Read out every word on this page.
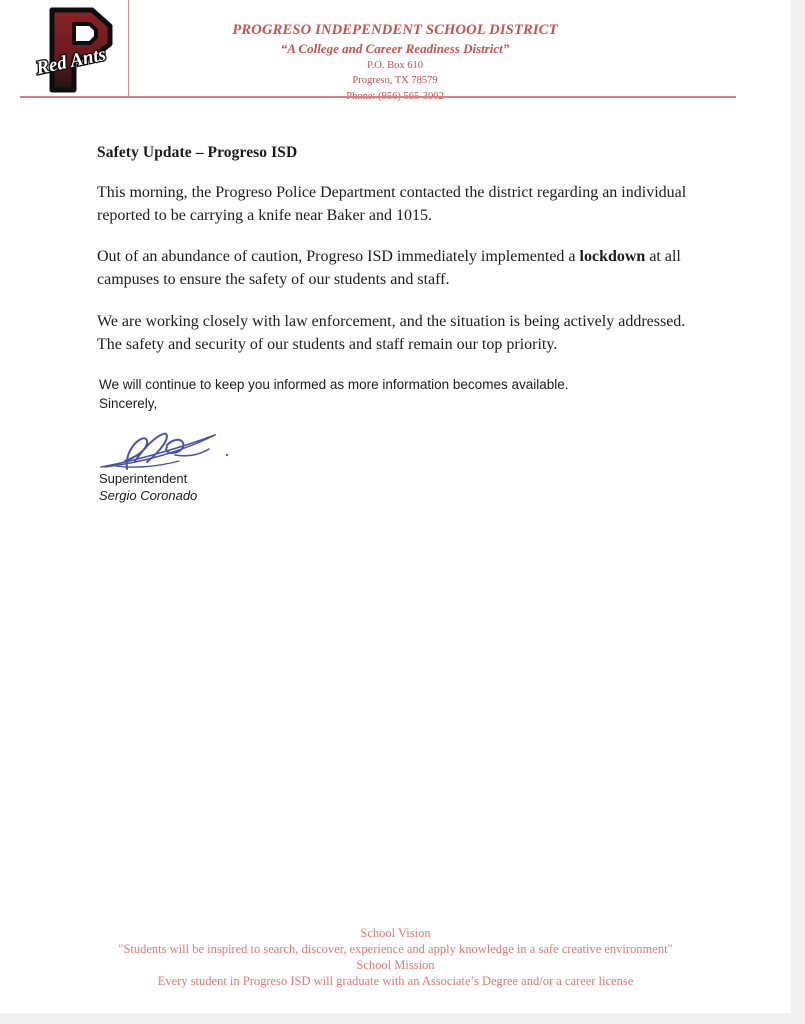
Red Ants
PROGRESO INDEPENDENT SCHOOL DISTRICT
“A College and Career Readiness District”
P.O. Box 610
Progreso, TX 78579
Safety Update – Progreso ISD

This morning, the Progreso Police Department contacted the district regarding an individual reported to be carrying a knife near Baker and 1015.

Out of an abundance of caution, Progreso ISD immediately implemented a lockdown at all campuses to ensure the safety of our students and staff.

We are working closely with law enforcement, and the situation is being actively addressed. The safety and security of our students and staff remain our top priority.

We will continue to keep you informed as more information becomes available.

Sincerely,

Superintendent

Sergio Coronado

School Vision
"Students will be inspired to search, discover, experience and apply knowledge in a safe creative environment"
School Mission
Every student in Progreso ISD will graduate with an Associate’s Degree and/or a career license
